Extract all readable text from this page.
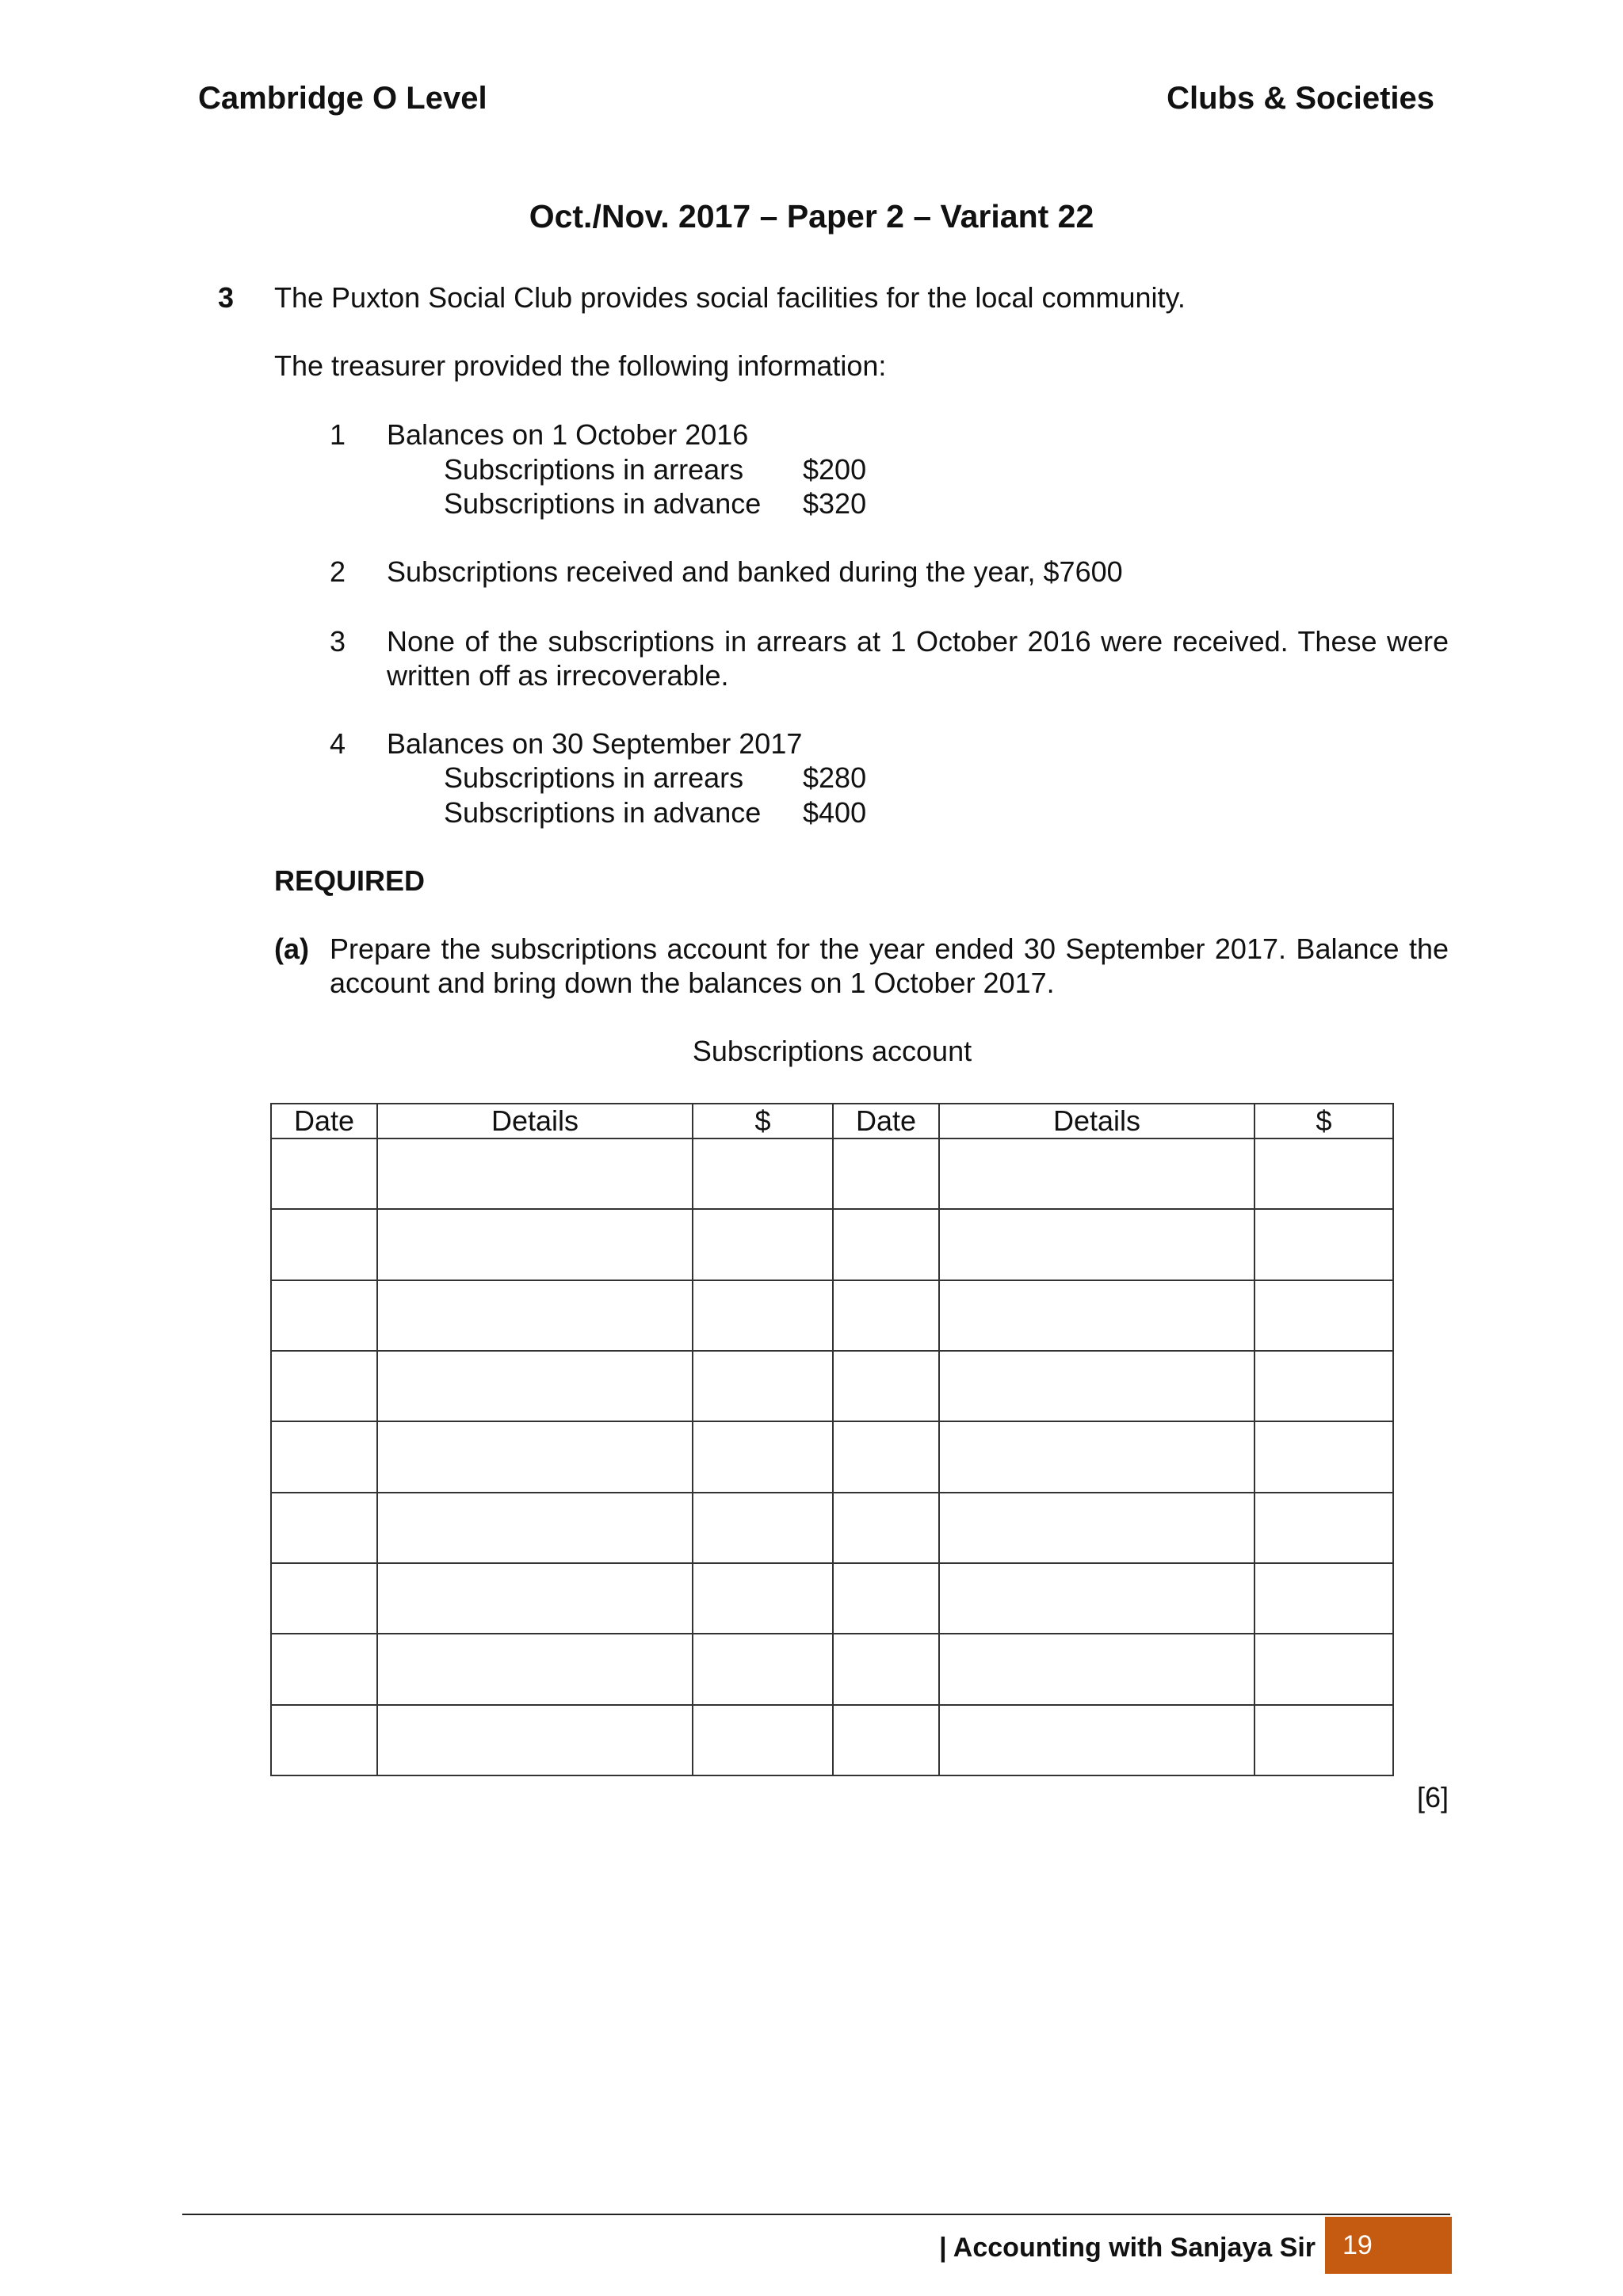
Cambridge O Level	Clubs & Societies
Oct./Nov. 2017 – Paper 2 – Variant 22
3 The Puxton Social Club provides social facilities for the local community.
The treasurer provided the following information:
1 Balances on 1 October 2016
Subscriptions in arrears $200
Subscriptions in advance $320
2 Subscriptions received and banked during the year, $7600
3 None of the subscriptions in arrears at 1 October 2016 were received. These were written off as irrecoverable.
4 Balances on 30 September 2017
Subscriptions in arrears $280
Subscriptions in advance $400
REQUIRED
(a) Prepare the subscriptions account for the year ended 30 September 2017. Balance the account and bring down the balances on 1 October 2017.
Subscriptions account
Date	Details	$	Date	Details	$

[6]
| Accounting with Sanjaya Sir	19
